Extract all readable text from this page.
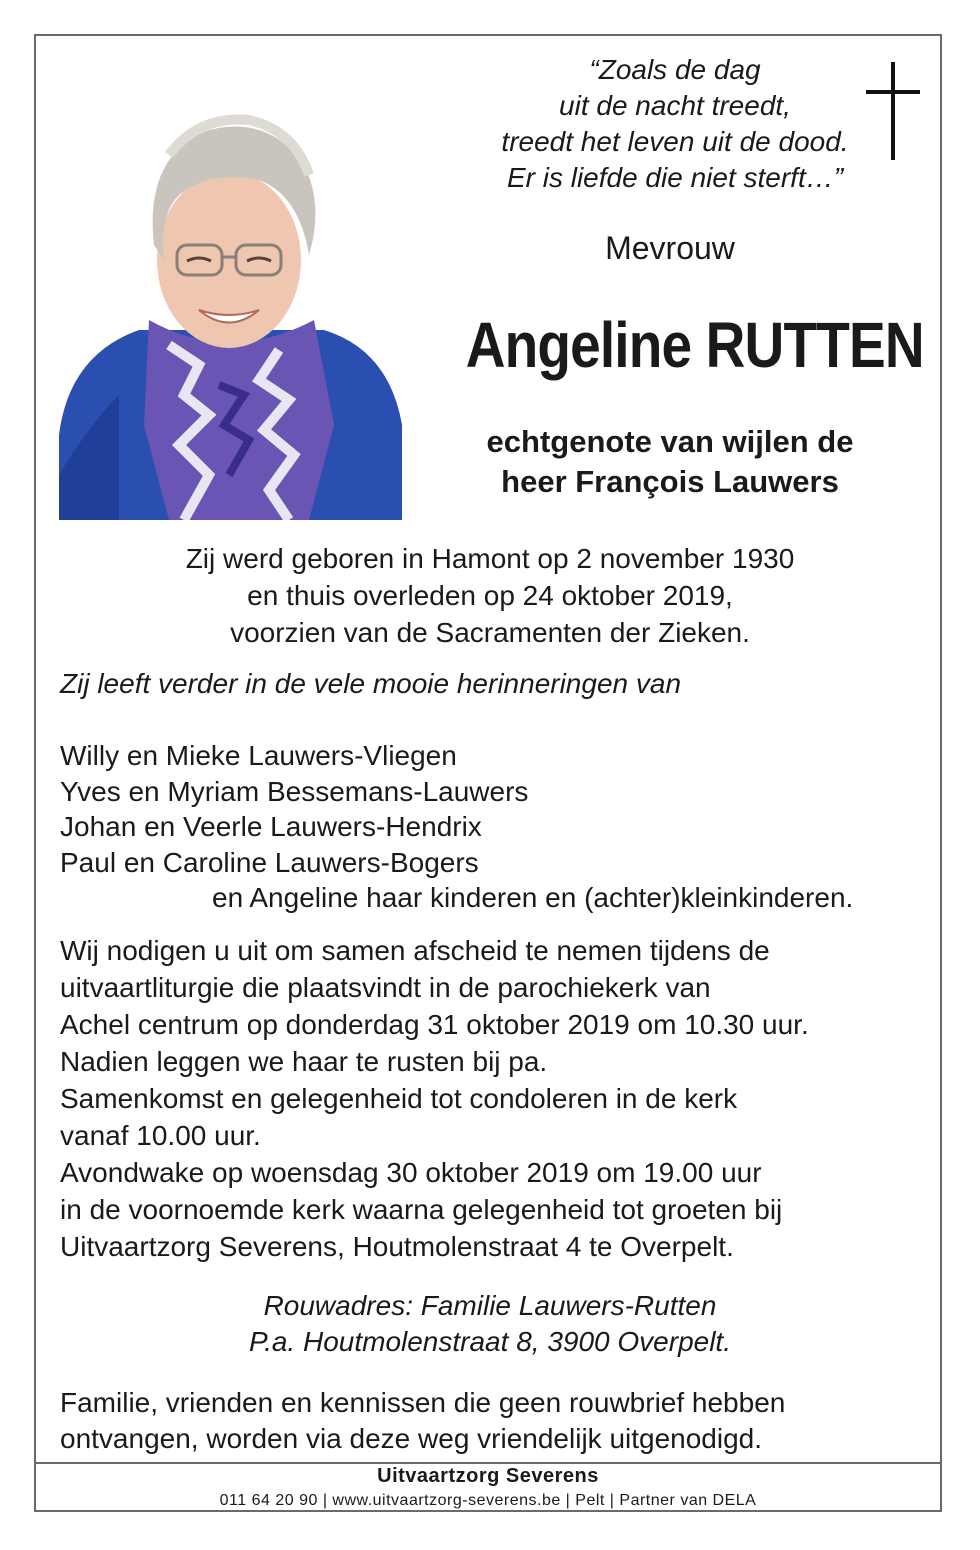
“Zoals de dag
uit de nacht treedt,
treedt het leven uit de dood.
Er is liefde die niet sterft…”
Mevrouw
Angeline RUTTEN
echtgenote van wijlen de
heer François Lauwers
Zij werd geboren in Hamont op 2 november 1930
en thuis overleden op 24 oktober 2019,
voorzien van de Sacramenten der Zieken.
Zij leeft verder in de vele mooie herinneringen van
Willy en Mieke Lauwers-Vliegen
Yves en Myriam Bessemans-Lauwers
Johan en Veerle Lauwers-Hendrix
Paul en Caroline Lauwers-Bogers
en Angeline haar kinderen en (achter)kleinkinderen.
Wij nodigen u uit om samen afscheid te nemen tijdens de
uitvaartliturgie die plaatsvindt in de parochiekerk van
Achel centrum op donderdag 31 oktober 2019 om 10.30 uur.
Nadien leggen we haar te rusten bij pa.
Samenkomst en gelegenheid tot condoleren in de kerk
vanaf 10.00 uur.
Avondwake op woensdag 30 oktober 2019 om 19.00 uur
in de voornoemde kerk waarna gelegenheid tot groeten bij
Uitvaartzorg Severens, Houtmolenstraat 4 te Overpelt.
Rouwadres: Familie Lauwers-Rutten
P.a. Houtmolenstraat 8, 3900 Overpelt.
Familie, vrienden en kennissen die geen rouwbrief hebben
ontvangen, worden via deze weg vriendelijk uitgenodigd.
Uitvaartzorg Severens
011 64 20 90 | www.uitvaartzorg-severens.be | Pelt | Partner van DELA
